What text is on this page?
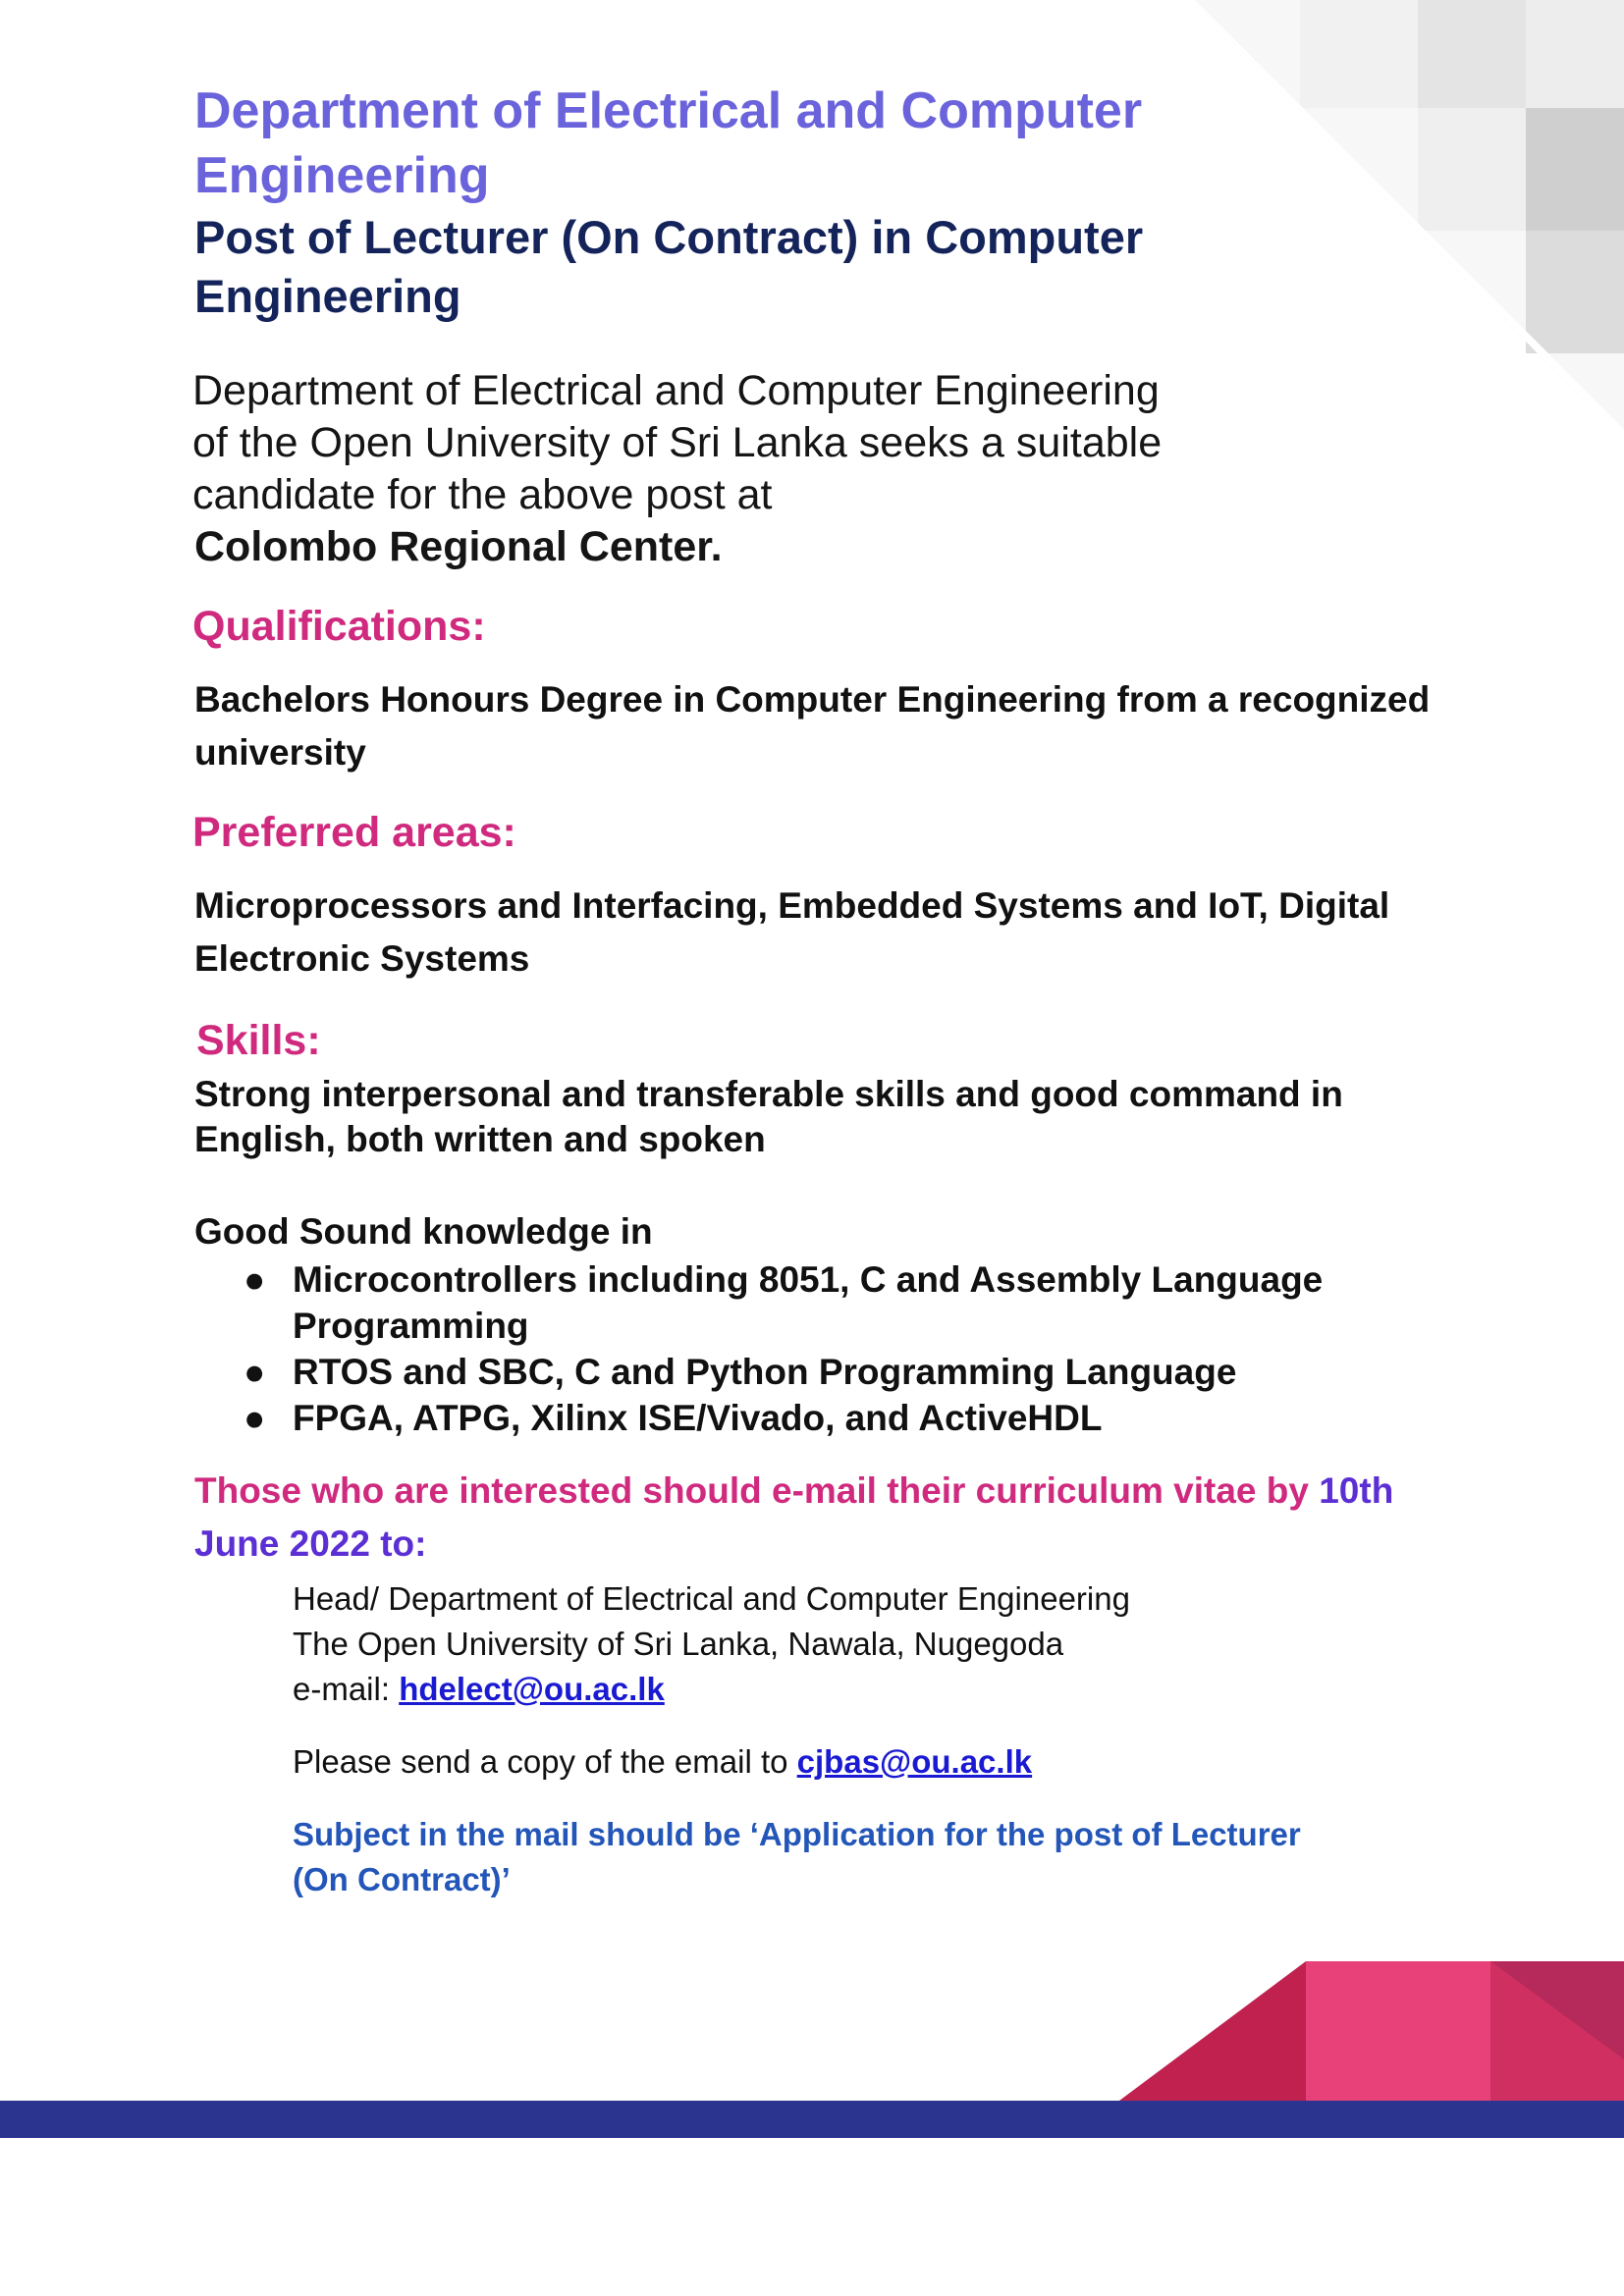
Department of Electrical and Computer Engineering
Post of Lecturer (On Contract) in Computer Engineering

Department of Electrical and Computer Engineering of the Open University of Sri Lanka seeks a suitable candidate for the above post at
Colombo Regional Center.

Qualifications:
Bachelors Honours Degree in Computer Engineering from a recognized university
Preferred areas:
Microprocessors and Interfacing, Embedded Systems and IoT, Digital Electronic Systems
Skills:
Strong interpersonal and transferable skills and good command in English, both written and spoken
Good Sound knowledge in
● Microcontrollers including 8051, C and Assembly Language Programming
● RTOS and SBC, C and Python Programming Language
● FPGA, ATPG, Xilinx ISE/Vivado, and ActiveHDL
Those who are interested should e-mail their curriculum vitae by 10th June 2022 to:
Head/ Department of Electrical and Computer Engineering
The Open University of Sri Lanka, Nawala, Nugegoda
e-mail: hdelect@ou.ac.lk
Please send a copy of the email to cjbas@ou.ac.lk
Subject in the mail should be ‘Application for the post of Lecturer (On Contract)’
